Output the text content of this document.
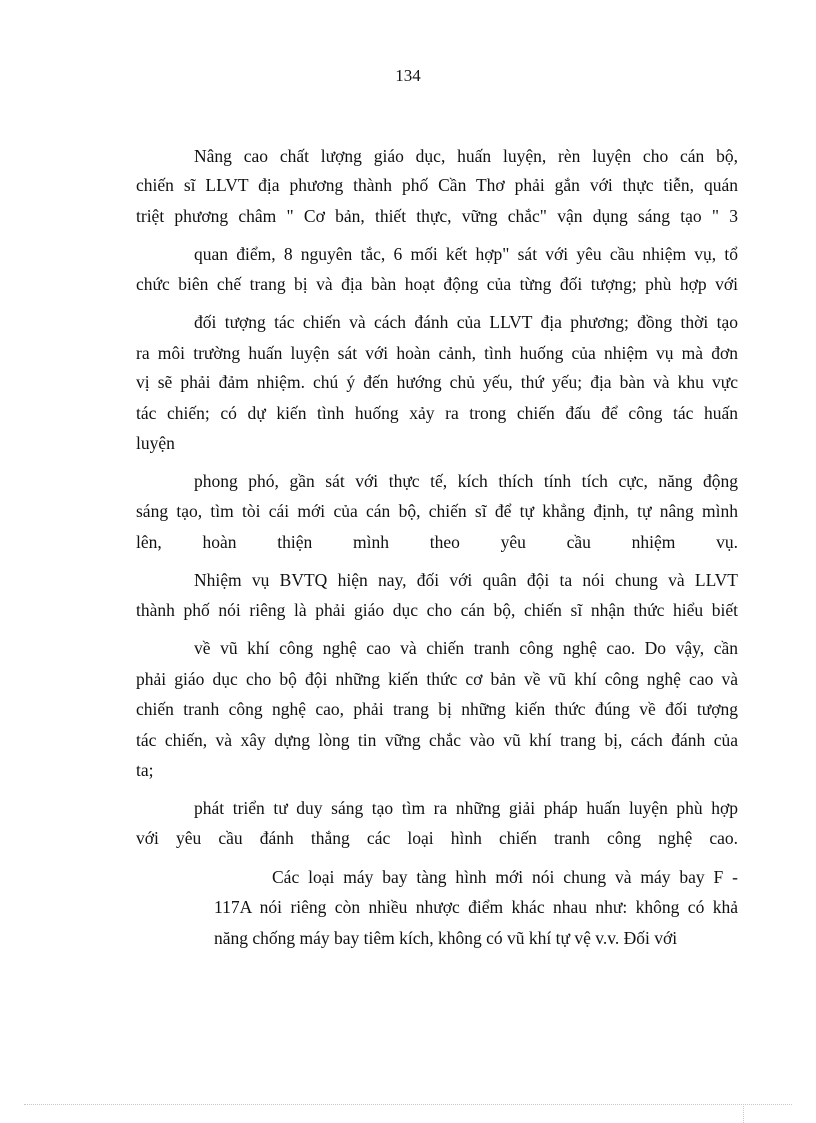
134
Nâng cao chất lượng giáo dục, huấn luyện, rèn luyện cho cán bộ,
chiến sĩ LLVT địa phương thành phố Cần Thơ phải gắn với thực tiễn, quán
triệt phương châm " Cơ bản, thiết thực, vững chắc" vận dụng sáng tạo " 3
quan điểm, 8 nguyên tắc, 6 mối kết hợp" sát với yêu cầu nhiệm vụ, tổ
chức biên chế trang bị và địa bàn hoạt động của từng đối tượng; phù hợp với
đối tượng tác chiến và cách đánh của LLVT địa phương; đồng thời tạo
ra môi trường huấn luyện sát với hoàn cảnh, tình huống của nhiệm vụ mà đơn
vị sẽ phải đảm nhiệm. chú ý đến hướng chủ yếu, thứ yếu; địa bàn và khu vực
tác chiến; có dự kiến tình huống xảy ra trong chiến đấu để công tác huấn
luyện
phong phó, gần sát với thực tế, kích thích tính tích cực, năng động
sáng tạo, tìm tòi cái mới của cán bộ, chiến sĩ để tự khẳng định, tự nâng mình
lên, hoàn thiện mình theo yêu cầu nhiệm vụ.
Nhiệm vụ BVTQ hiện nay, đối với quân đội ta nói chung và LLVT
thành phố nói riêng là phải giáo dục cho cán bộ, chiến sĩ nhận thức hiểu biết
về vũ khí công nghệ cao và chiến tranh công nghệ cao. Do vậy, cần
phải giáo dục cho bộ đội những kiến thức cơ bản về vũ khí công nghệ cao và
chiến tranh công nghệ cao, phải trang bị những kiến thức đúng về đối tượng
tác chiến, và xây dựng lòng tin vững chắc vào vũ khí trang bị, cách đánh của
ta;
phát triển tư duy sáng tạo tìm ra những giải pháp huấn luyện phù hợp
với yêu cầu đánh thắng các loại hình chiến tranh công nghệ cao.
Các loại máy bay tàng hình mới nói chung và máy bay F -
117A nói riêng còn nhiều nhược điểm khác nhau như: không có khả
năng chống máy bay tiêm kích, không có vũ khí tự vệ v.v. Đối với
